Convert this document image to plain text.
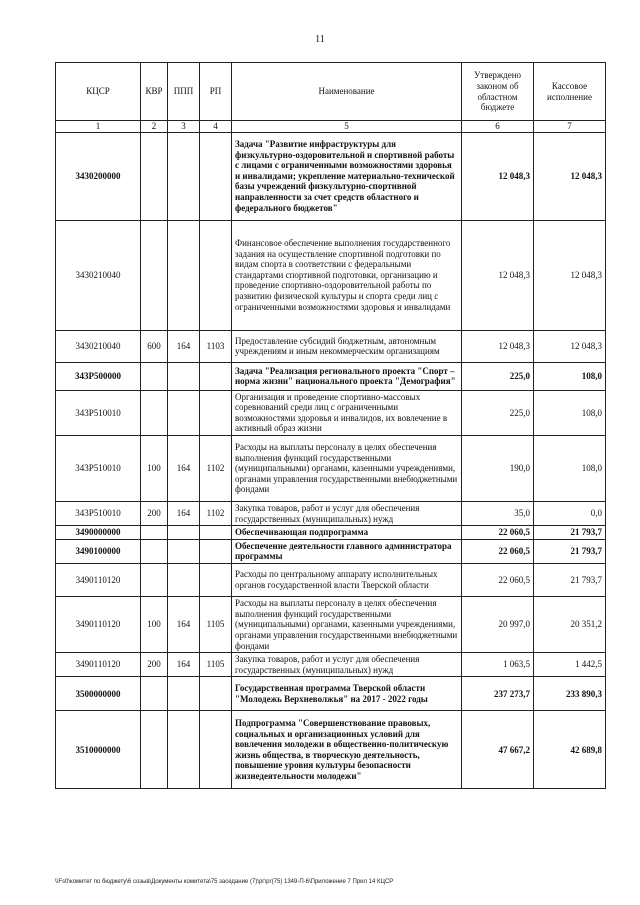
11
КЦСР	КВР	ППП	РП	Наименование	Утверждено законом об областном бюджете	Кассовое исполнение
1	2	3	4	5	6	7
3430200000				Задача "Развитие инфраструктуры для физкультурно-оздоровительной и спортивной работы с лицами с ограниченными возможностями здоровья и инвалидами; укрепление материально-технической базы учреждений физкультурно-спортивной направленности за счет средств областного и федерального бюджетов"	12 048,3	12 048,3
3430210040				Финансовое обеспечение выполнения государственного задания на осуществление спортивной подготовки по видам спорта в соответствии с федеральными стандартами спортивной подготовки, организацию и проведение спортивно-оздоровительной работы по развитию физической культуры и спорта среди лиц с ограниченными возможностями здоровья и инвалидами	12 048,3	12 048,3
3430210040	600	164	1103	Предоставление субсидий бюджетным, автономным учреждениям и иным некоммерческим организациям	12 048,3	12 048,3
343P500000				Задача "Реализация регионального проекта "Спорт – норма жизни" национального проекта "Демография"	225,0	108,0
343P510010				Организация и проведение спортивно-массовых соревнований среди лиц с ограниченными возможностями здоровья и инвалидов, их вовлечение в активный образ жизни	225,0	108,0
343P510010	100	164	1102	Расходы на выплаты персоналу в целях обеспечения выполнения функций государственными (муниципальными) органами, казенными учреждениями, органами управления государственными внебюджетными фондами	190,0	108,0
343P510010	200	164	1102	Закупка товаров, работ и услуг для обеспечения государственных (муниципальных) нужд	35,0	0,0
3490000000				Обеспечивающая подпрограмма	22 060,5	21 793,7
3490100000				Обеспечение деятельности главного администратора программы	22 060,5	21 793,7
3490110120				Расходы по центральному аппарату исполнительных органов государственной власти Тверской области	22 060,5	21 793,7
3490110120	100	164	1105	Расходы на выплаты персоналу в целях обеспечения выполнения функций государственными (муниципальными) органами, казенными учреждениями, органами управления государственными внебюджетными фондами	20 997,0	20 351,2
3490110120	200	164	1105	Закупка товаров, работ и услуг для обеспечения государственных (муниципальных) нужд	1 063,5	1 442,5
3500000000				Государственная программа Тверской области "Молодежь Верхневолжья" на 2017 - 2022 годы	237 273,7	233 890,3
3510000000				Подпрограмма "Совершенствование правовых, социальных и организационных условий для вовлечения молодежи в общественно-политическую жизнь общества, в творческую деятельность, повышение уровня культуры безопасности жизнедеятельности молодежи"	47 667,2	42 689,8
\\Fs0\комитет по бюджету\6 созыв\Документы комитета\75 заседание (7)\рг\рг(75) 1349-П-6\Приложение 7 Прил 14 КЦСР
